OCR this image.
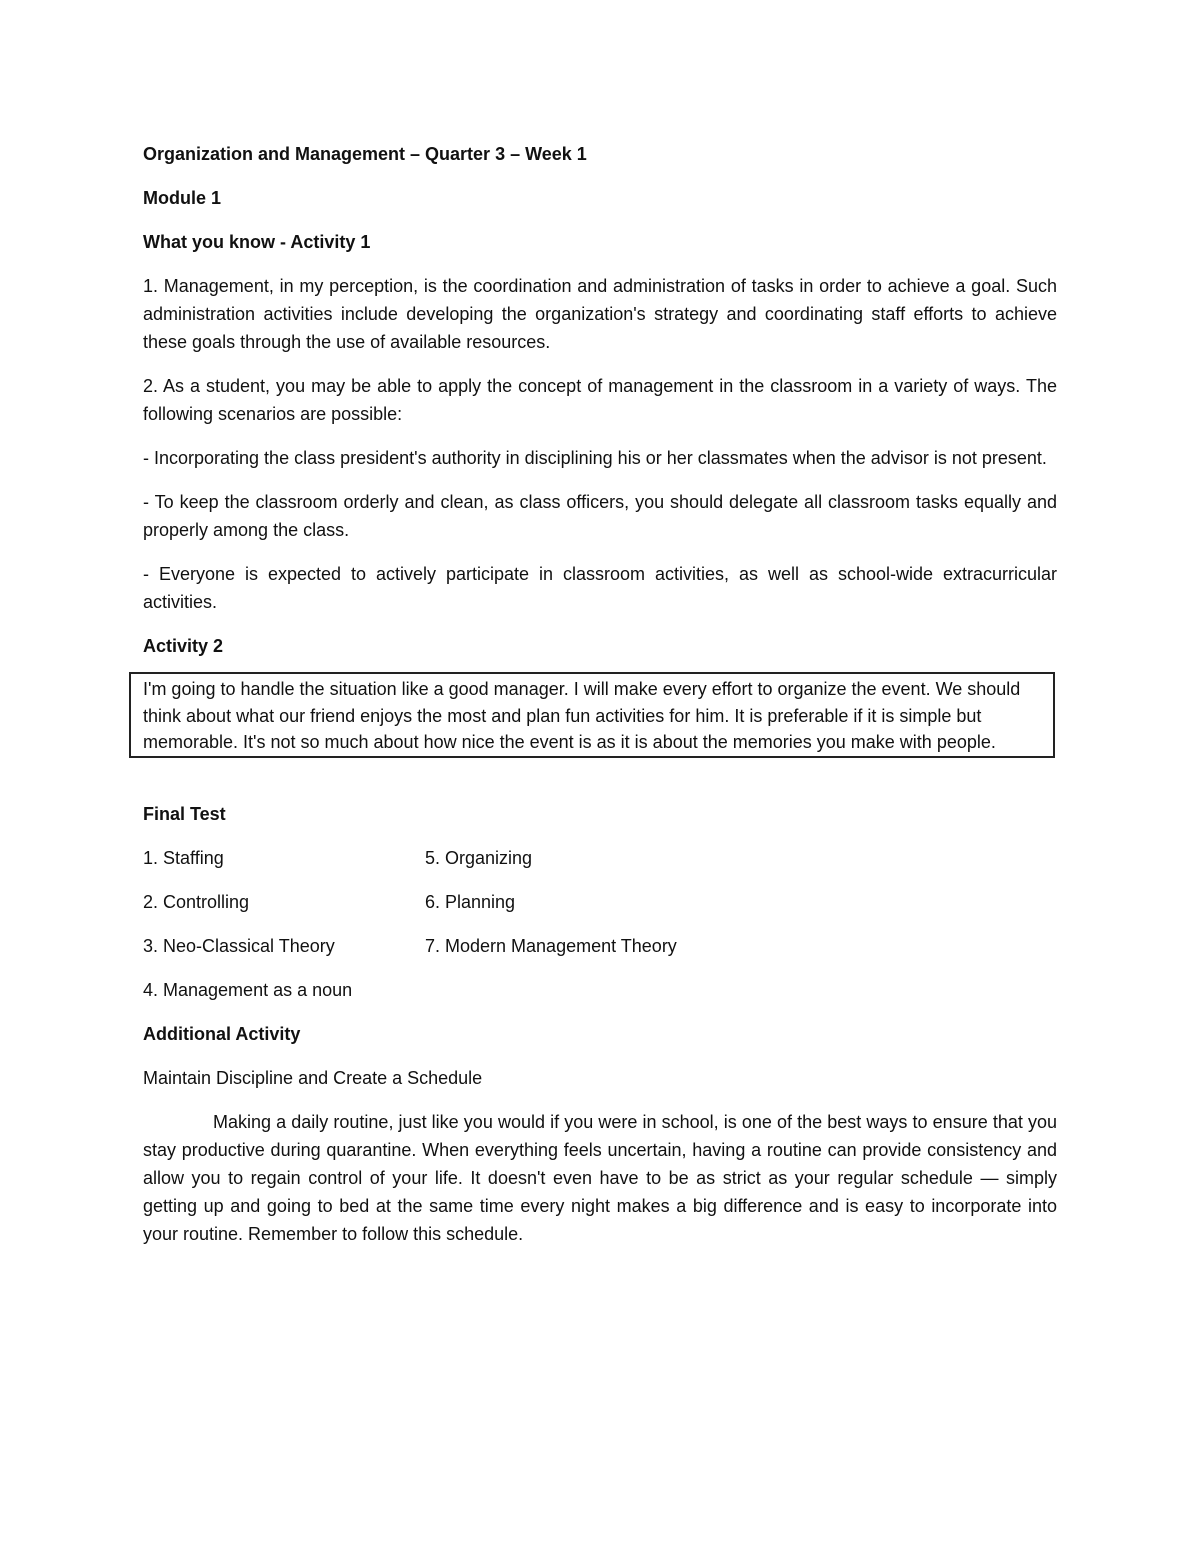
Organization and Management – Quarter 3 – Week 1

Module 1

What you know - Activity 1

1. Management, in my perception, is the coordination and administration of tasks in order to achieve a goal. Such administration activities include developing the organization's strategy and coordinating staff efforts to achieve these goals through the use of available resources.

2. As a student, you may be able to apply the concept of management in the classroom in a variety of ways. The following scenarios are possible:

- Incorporating the class president's authority in disciplining his or her classmates when the advisor is not present.

- To keep the classroom orderly and clean, as class officers, you should delegate all classroom tasks equally and properly among the class.

- Everyone is expected to actively participate in classroom activities, as well as school-wide extracurricular activities.

Activity 2

I'm going to handle the situation like a good manager. I will make every effort to organize the event. We should think about what our friend enjoys the most and plan fun activities for him. It is preferable if it is simple but memorable. It's not so much about how nice the event is as it is about the memories you make with people.

Final Test

1. Staffing	5. Organizing
2. Controlling	6. Planning
3. Neo-Classical Theory	7. Modern Management Theory
4. Management as a noun

Additional Activity

Maintain Discipline and Create a Schedule

Making a daily routine, just like you would if you were in school, is one of the best ways to ensure that you stay productive during quarantine. When everything feels uncertain, having a routine can provide consistency and allow you to regain control of your life. It doesn't even have to be as strict as your regular schedule — simply getting up and going to bed at the same time every night makes a big difference and is easy to incorporate into your routine. Remember to follow this schedule.
